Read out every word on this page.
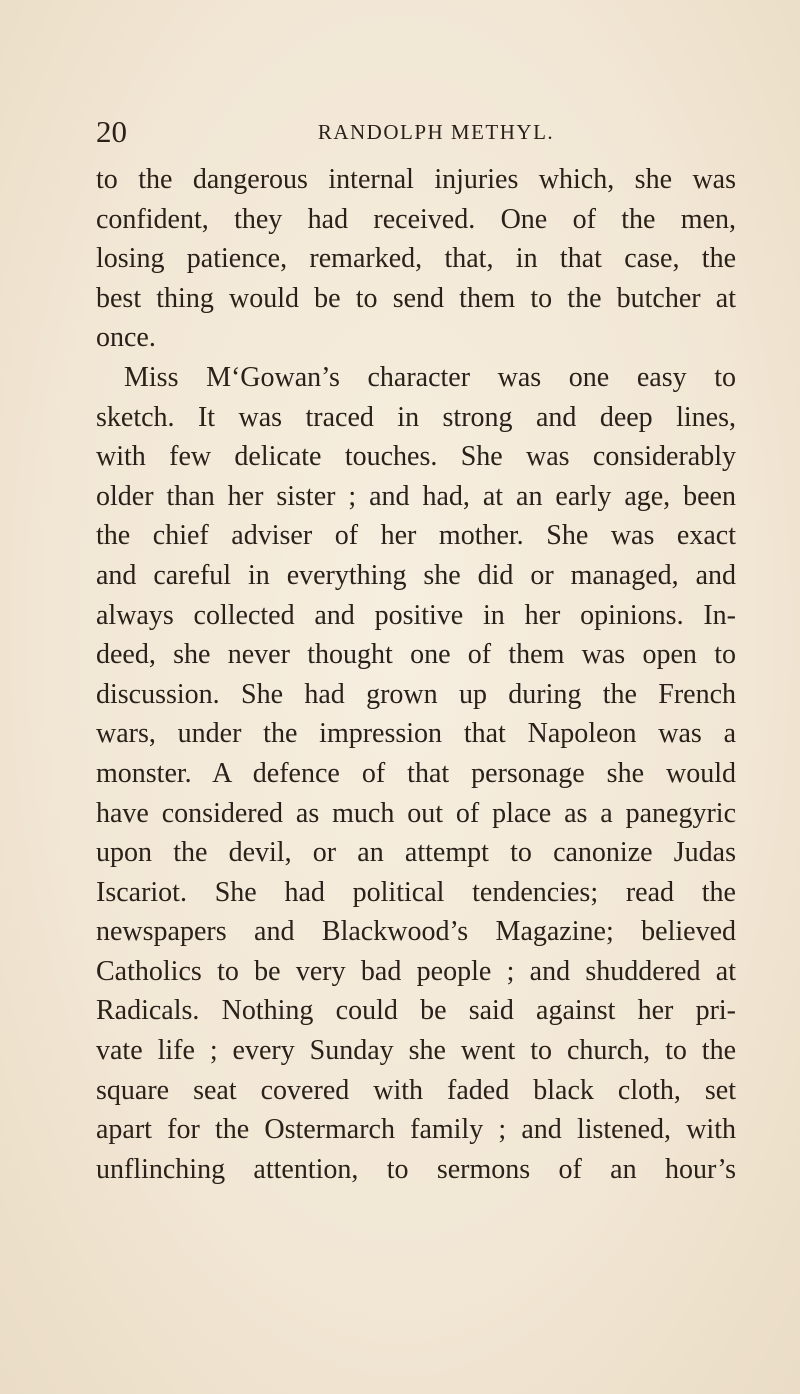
20	RANDOLPH METHYL.
to the dangerous internal injuries which, she was
confident, they had received. One of the men,
losing patience, remarked, that, in that case, the
best thing would be to send them to the butcher at
once.
Miss M‘Gowan’s character was one easy to
sketch. It was traced in strong and deep lines,
with few delicate touches. She was considerably
older than her sister ; and had, at an early age, been
the chief adviser of her mother. She was exact
and careful in everything she did or managed, and
always collected and positive in her opinions. In-
deed, she never thought one of them was open to
discussion. She had grown up during the French
wars, under the impression that Napoleon was a
monster. A defence of that personage she would
have considered as much out of place as a panegyric
upon the devil, or an attempt to canonize Judas
Iscariot. She had political tendencies; read the
newspapers and Blackwood’s Magazine; believed
Catholics to be very bad people ; and shuddered at
Radicals. Nothing could be said against her pri-
vate life ; every Sunday she went to church, to the
square seat covered with faded black cloth, set
apart for the Ostermarch family ; and listened, with
unflinching attention, to sermons of an hour’s
